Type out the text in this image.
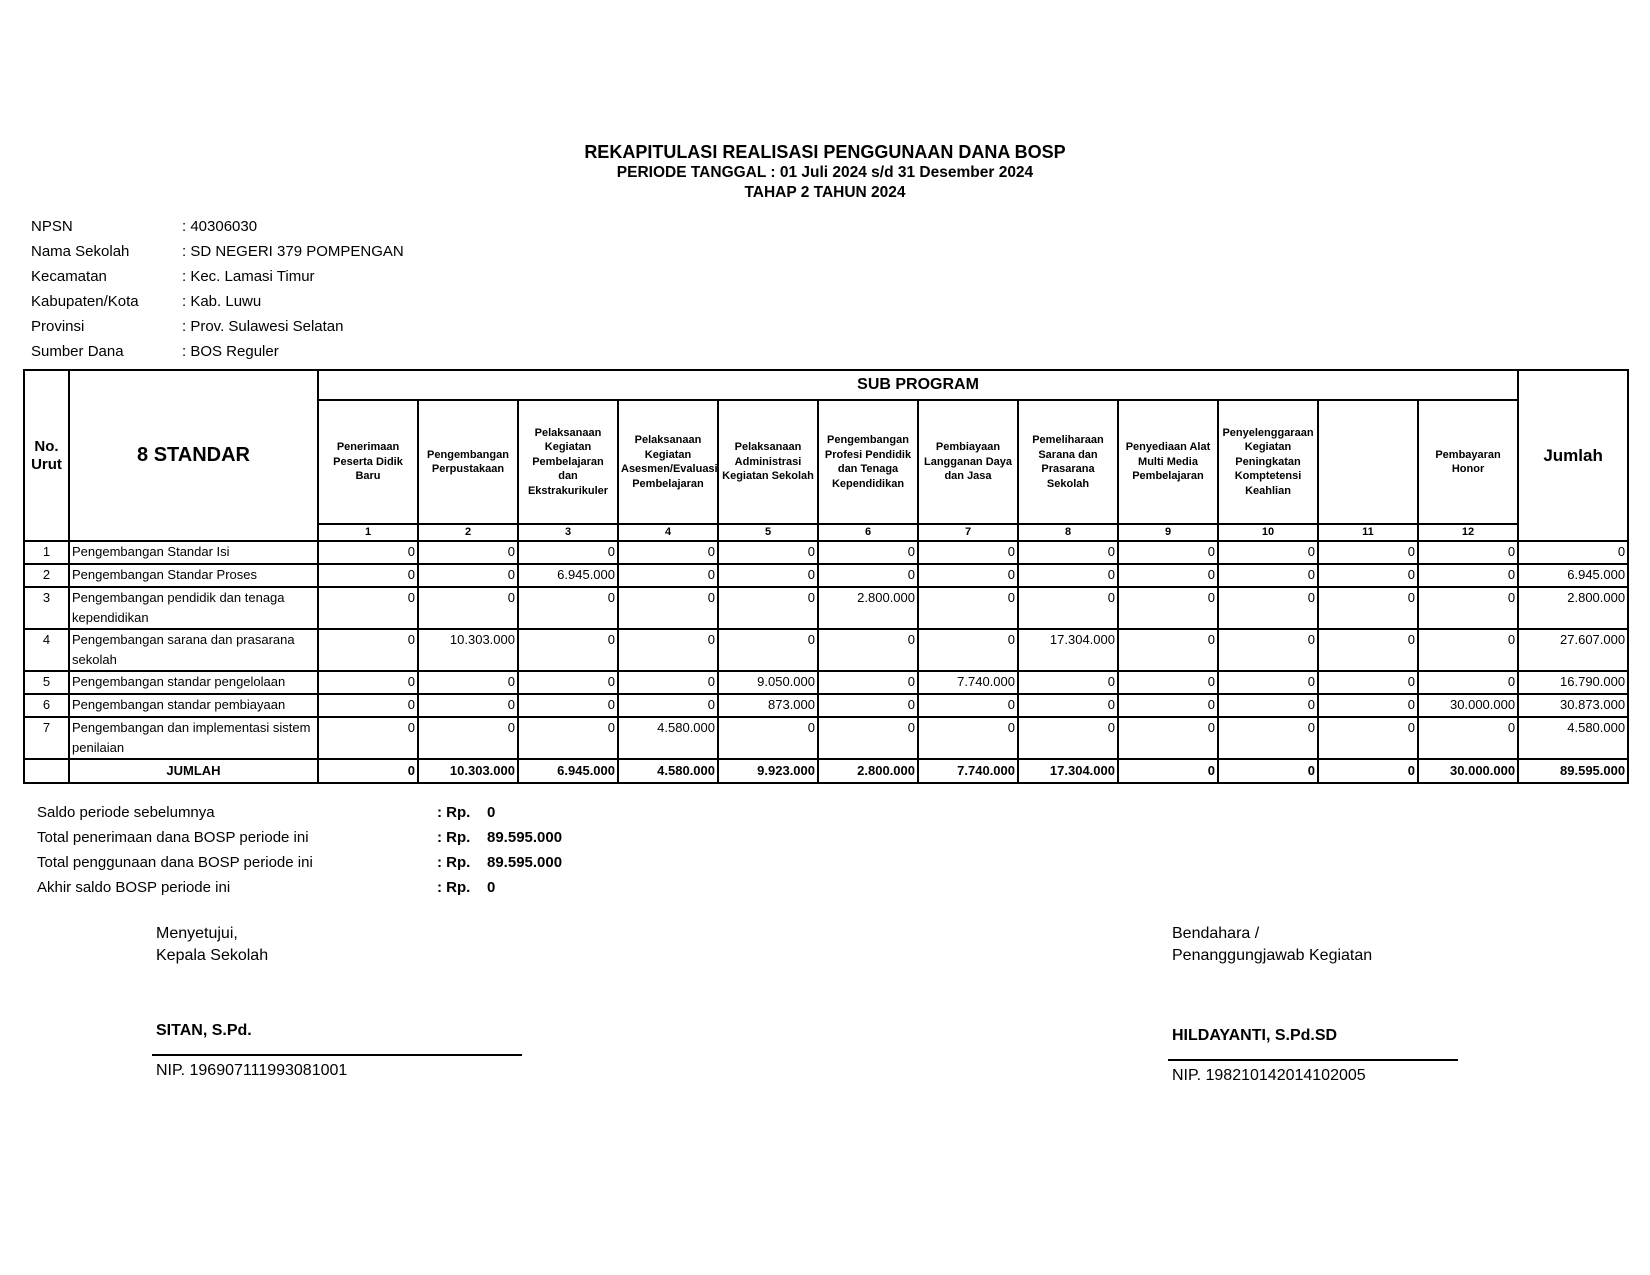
REKAPITULASI REALISASI PENGGUNAAN DANA BOSP
PERIODE TANGGAL : 01 Juli 2024 s/d 31 Desember 2024
TAHAP 2 TAHUN 2024
NPSN	: 40306030
Nama Sekolah	: SD NEGERI 379 POMPENGAN
Kecamatan	: Kec. Lamasi Timur
Kabupaten/Kota	: Kab. Luwu
Provinsi	: Prov. Sulawesi Selatan
Sumber Dana	: BOS Reguler
No. Urut	8 STANDAR	SUB PROGRAM												Jumlah
		Penerimaan Peserta Didik Baru	Pengembangan Perpustakaan	Pelaksanaan Kegiatan Pembelajaran dan Ekstrakurikuler	Pelaksanaan Kegiatan Asesmen/Evaluasi Pembelajaran	Pelaksanaan Administrasi Kegiatan Sekolah	Pengembangan Profesi Pendidik dan Tenaga Kependidikan	Pembiayaan Langganan Daya dan Jasa	Pemeliharaan Sarana dan Prasarana Sekolah	Penyediaan Alat Multi Media Pembelajaran	Penyelenggaraan Kegiatan Peningkatan Komptetensi Keahlian		Pembayaran Honor	
		1	2	3	4	5	6	7	8	9	10	11	12	
1	Pengembangan Standar Isi	0	0	0	0	0	0	0	0	0	0	0	0	0
2	Pengembangan Standar Proses	0	0	6.945.000	0	0	0	0	0	0	0	0	0	6.945.000
3	Pengembangan pendidik dan tenaga kependidikan	0	0	0	0	0	2.800.000	0	0	0	0	0	0	2.800.000
4	Pengembangan sarana dan prasarana sekolah	0	10.303.000	0	0	0	0	0	17.304.000	0	0	0	0	27.607.000
5	Pengembangan standar pengelolaan	0	0	0	0	9.050.000	0	7.740.000	0	0	0	0	0	16.790.000
6	Pengembangan standar pembiayaan	0	0	0	0	873.000	0	0	0	0	0	0	30.000.000	30.873.000
7	Pengembangan dan implementasi sistem penilaian	0	0	0	4.580.000	0	0	0	0	0	0	0	0	4.580.000
	JUMLAH	0	10.303.000	6.945.000	4.580.000	9.923.000	2.800.000	7.740.000	17.304.000	0	0	0	30.000.000	89.595.000
Saldo periode sebelumnya	: Rp.	0
Total penerimaan dana BOSP periode ini	: Rp.	89.595.000
Total penggunaan dana BOSP periode ini	: Rp.	89.595.000
Akhir saldo BOSP periode ini	: Rp.	0
Menyetujui,
Kepala Sekolah
SITAN, S.Pd.
NIP. 196907111993081001
Bendahara /
Penanggungjawab Kegiatan
HILDAYANTI, S.Pd.SD
NIP. 198210142014102005
